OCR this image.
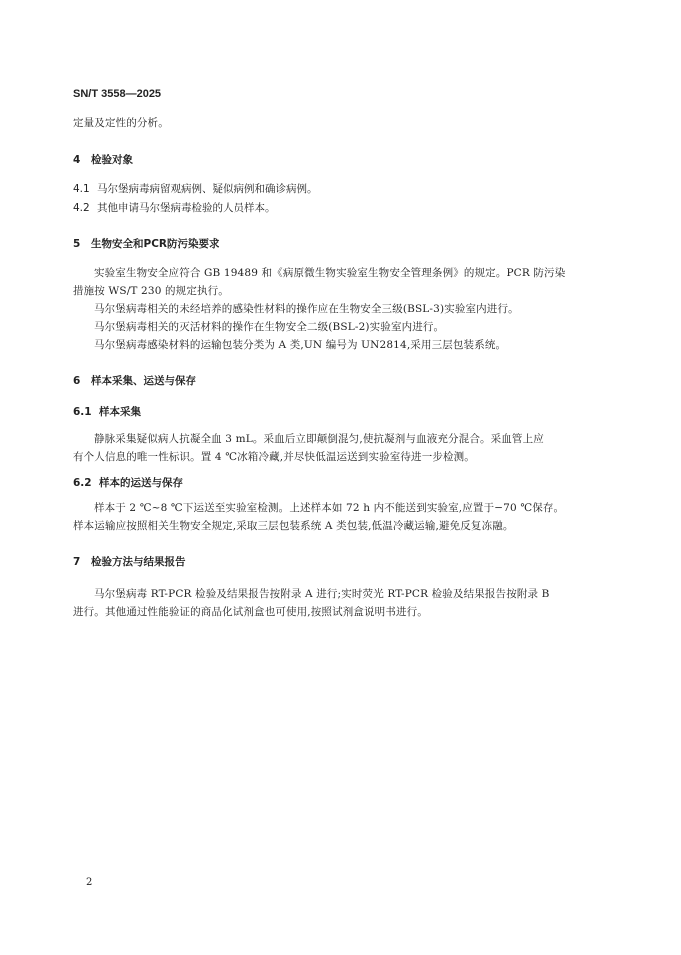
SN/T 3558—2025
定量及定性的分析。
4 检验对象
4.1 马尔堡病毒病留观病例、疑似病例和确诊病例。
4.2 其他申请马尔堡病毒检验的人员样本。
5 生物安全和PCR防污染要求
实验室生物安全应符合 GB 19489 和《病原微生物实验室生物安全管理条例》的规定。PCR 防污染
措施按 WS/T 230 的规定执行。
马尔堡病毒相关的未经培养的感染性材料的操作应在生物安全三级(BSL-3)实验室内进行。
马尔堡病毒相关的灭活材料的操作在生物安全二级(BSL-2)实验室内进行。
马尔堡病毒感染材料的运输包装分类为 A 类,UN 编号为 UN2814,采用三层包装系统。
6 样本采集、运送与保存
6.1 样本采集
静脉采集疑似病人抗凝全血 3 mL。采血后立即颠倒混匀,使抗凝剂与血液充分混合。采血管上应
有个人信息的唯一性标识。置 4 ℃冰箱冷藏,并尽快低温运送到实验室待进一步检测。
6.2 样本的运送与保存
样本于 2 ℃~8 ℃下运送至实验室检测。上述样本如 72 h 内不能送到实验室,应置于−70 ℃保存。
样本运输应按照相关生物安全规定,采取三层包装系统 A 类包装,低温冷藏运输,避免反复冻融。
7 检验方法与结果报告
马尔堡病毒 RT-PCR 检验及结果报告按附录 A 进行;实时荧光 RT-PCR 检验及结果报告按附录 B
进行。其他通过性能验证的商品化试剂盒也可使用,按照试剂盒说明书进行。
2
